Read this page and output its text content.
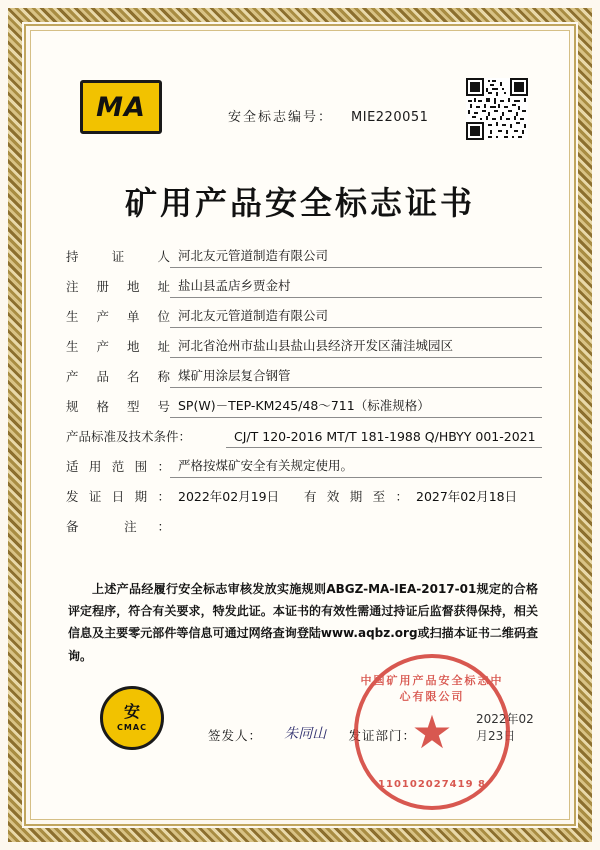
MA	安全标志编号： MIE220051
矿用产品安全标志证书
持 证 人 河北友元管道制造有限公司
注册地址 盐山县孟店乡贾金村
生产单位 河北友元管道制造有限公司
生产地址 河北省沧州市盐山县盐山县经济开发区蒲洼城园区
产品名称 煤矿用涂层复合钢管
规格型号 SP(W)－TEP-KM245/48～711（标准规格）
产品标准及技术条件：	CJ/T 120-2016 MT/T 181-1988 Q/HBYY 001-2021
适用范围： 严格按煤矿安全有关规定使用。
发证日期： 2022年02月19日	有效期至： 2027年02月18日
备 注：

上述产品经履行安全标志审核发放实施规则ABGZ-MA-IEA-2017-01规定的合格评定程序，符合有关要求，特发此证。本证书的有效性需通过持证后监督获得保持，相关信息及主要零元部件等信息可通过网络查询登陆www.aqbz.org或扫描本证书二维码查询。

安
CMAC
签发人：	朱同山	发证部门：
2022年02月23日
中国矿用产品安全标志中心有限公司
★
110102027419 8
